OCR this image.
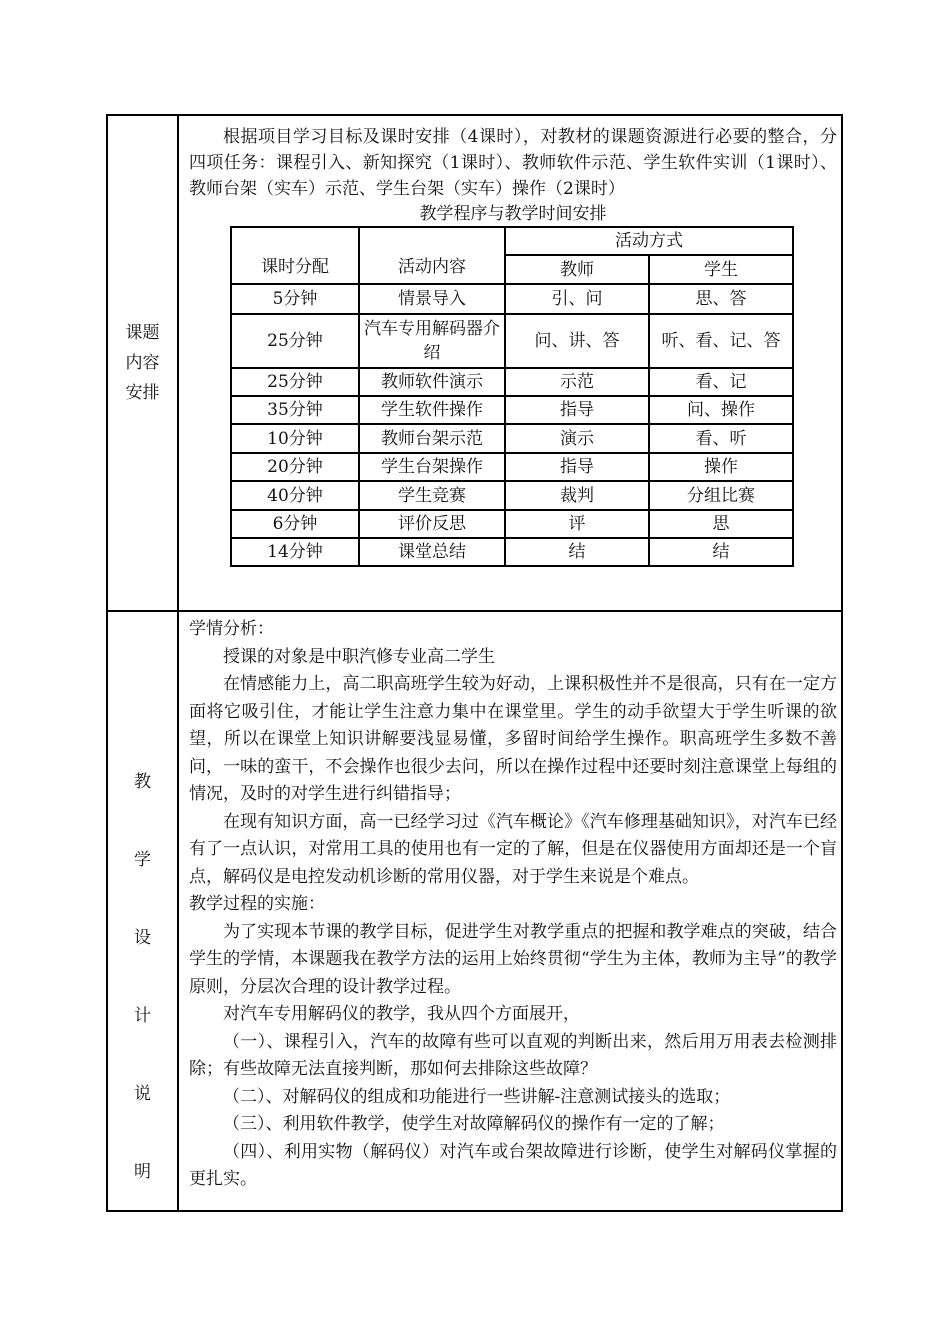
课题
内容
安排

根据项目学习目标及课时安排（4课时），对教材的课题资源进行必要的整合，分四项任务：课程引入、新知探究（1课时）、教师软件示范、学生软件实训（1课时）、教师台架（实车）示范、学生台架（实车）操作（2课时）

教学程序与教学时间安排
课时分配	活动内容	活动方式	
		教师	学生
5分钟	情景导入	引、问	思、答
25分钟	汽车专用解码器介绍	问、讲、答	听、看、记、答
25分钟	教师软件演示	示范	看、记
35分钟	学生软件操作	指导	问、操作
10分钟	教师台架示范	演示	看、听
20分钟	学生台架操作	指导	操作
40分钟	学生竞赛	裁判	分组比赛
6分钟	评价反思	评	思
14分钟	课堂总结	结	结
教
学
设
计
说
明

学情分析：

授课的对象是中职汽修专业高二学生

在情感能力上，高二职高班学生较为好动，上课积极性并不是很高，只有在一定方面将它吸引住，才能让学生注意力集中在课堂里。学生的动手欲望大于学生听课的欲望，所以在课堂上知识讲解要浅显易懂，多留时间给学生操作。职高班学生多数不善问，一味的蛮干，不会操作也很少去问，所以在操作过程中还要时刻注意课堂上每组的情况，及时的对学生进行纠错指导；

在现有知识方面，高一已经学习过《汽车概论》《汽车修理基础知识》，对汽车已经有了一点认识，对常用工具的使用也有一定的了解，但是在仪器使用方面却还是一个盲点，解码仪是电控发动机诊断的常用仪器，对于学生来说是个难点。

教学过程的实施：

为了实现本节课的教学目标，促进学生对教学重点的把握和教学难点的突破，结合学生的学情，本课题我在教学方法的运用上始终贯彻“学生为主体，教师为主导”的教学原则，分层次合理的设计教学过程。

对汽车专用解码仪的教学，我从四个方面展开，

（一）、课程引入，汽车的故障有些可以直观的判断出来，然后用万用表去检测排除；有些故障无法直接判断，那如何去排除这些故障？

（二）、对解码仪的组成和功能进行一些讲解-注意测试接头的选取；

（三）、利用软件教学，使学生对故障解码仪的操作有一定的了解；

（四）、利用实物（解码仪）对汽车或台架故障进行诊断，使学生对解码仪掌握的更扎实。
